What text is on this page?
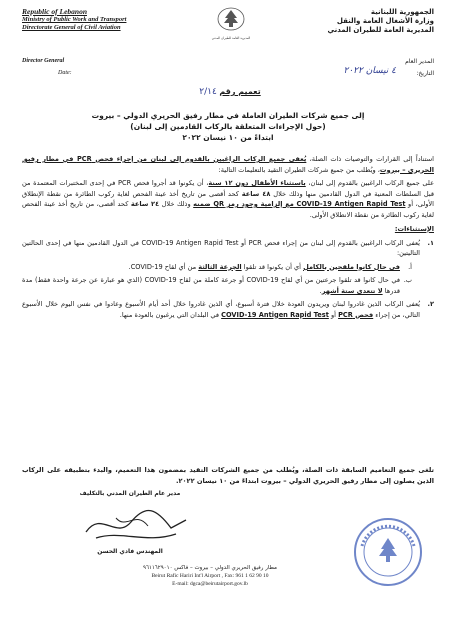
Republic of Lebanon
Ministry of Public Work and Transport
Directorate General of Civil Aviation
المديرية العامة للطيران المدني
الجمهورية اللبنانية
وزارة الأشغال العامة والنقل
المديرية العامة للطيران المدني
Director General	المدير العام
Date:	التاريخ:
٤ نيسان ٢٠٢٢
تعميم رقم ٢/١٤
إلى جميع شركات الطيران العاملة في مطار رفيق الحريري الدولي – بيروت
(حول الإجراءات المتعلقة بالركاب القادمين إلى لبنان)
ابتداءً من ١٠ نيسان ٢٠٢٢

استناداً إلى القرارات والتوصيات ذات الصلة، يُعفى جميع الركاب الراغبين بالقدوم إلى لبنان من إجراء فحص PCR في مطار رفيق الحريري – بيروت، ويُطلب من جميع شركات الطيران التقيد بالتعليمات التالية:

على جميع الركاب الراغبين بالقدوم إلى لبنان، باستثناء الأطفال دون ١٢ سنة، أن يكونوا قد أجروا فحص PCR في إحدى المختبرات المعتمدة من قبل السلطات المعنية في الدول القادمين منها وذلك خلال ٤٨ ساعة كحد أقصى من تاريخ أخذ عينة الفحص لغاية ركوب الطائرة من نقطة الإنطلاق الأولى، أو COVID-19 Antigen Rapid Test مع إلزامية وجود رمز QR ضمنه وذلك خلال ٢٤ ساعة كحد أقصى، من تاريخ أخذ عينة الفحص لغاية ركوب الطائرة من نقطة الانطلاق الأولى.

الإستثناءات:

١.
يُعفى الركاب الراغبين بالقدوم إلى لبنان من إجراء فحص PCR أو COVID-19 Antigen Rapid Test في الدول القادمين منها في إحدى الحالتين التاليتين:

أ.
في حال كانوا ملقحين بالكامل أي أن يكونوا قد تلقوا الجرعة الثالثة من أي لقاح COVID-19.

ب.
في حال كانوا قد تلقوا جرعتين من أي لقاح COVID-19 أو جرعة كاملة من لقاح COVID-19 (الذي هو عبارة عن جرعة واحدة فقط) مدة قدرها لا تتعدى ستة أشهر.

٢.
يُعفى الركاب الذين غادروا لبنان ويريدون العودة خلال فترة أسبوع، أي الذين غادروا خلال أحد أيام الأسبوع وعادوا في نفس اليوم خلال الأسبوع التالي، من إجراء فحص PCR أو COVID-19 Antigen Rapid Test في البلدان التي يرغبون بالعودة منها.

تلغى جميع التعاميم السابقة ذات الصلة، ويُطلب من جميع الشركات التقيد بمضمون هذا التعميم، والبدء بتطبيقه على الركاب الذين يصلون إلى مطار رفيق الحريري الدولي – بيروت ابتداءً من ١٠ نيسان ٢٠٢٢.
مدير عام الطيران المدني بالتكليف
المهندس فادي الحسن
مطار رفيق الحريري الدولي – بيروت – فاكس ٩٦١١٦٢٩٠١٠
Beirut Rafic Hariri Int'l Airport , Fax: 961 1 62 90 10
E-mail: dgca@beirutairport.gov.lb
